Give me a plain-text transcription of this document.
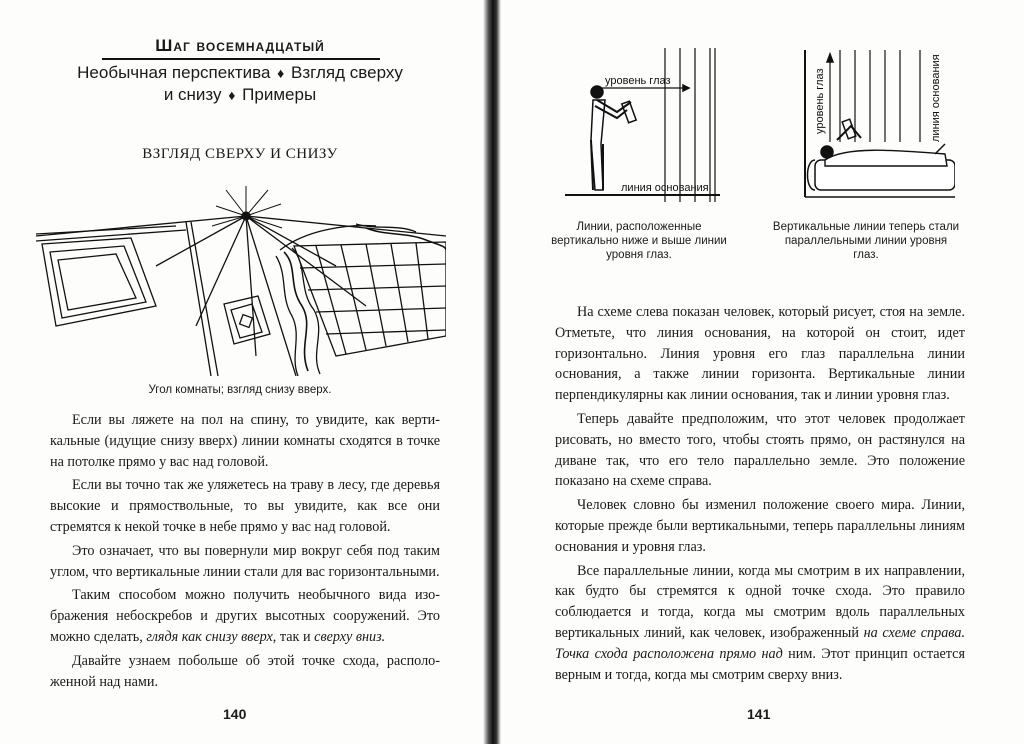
Шаг восемнадцатый
Необычная перспектива ♦ Взгляд сверху
и снизу ♦ Примеры
ВЗГЛЯД СВЕРХУ И СНИЗУ
Угол комнаты; взгляд снизу вверх.

Если вы ляжете на пол на спину, то увидите, как вертикальные (идущие снизу вверх) линии комнаты сходятся в точке на потолке прямо у вас над головой.

Если вы точно так же уляжетесь на траву в лесу, где деревья высокие и прямоствольные, то вы увидите, как все они стремятся к некой точке в небе прямо у вас над головой.

Это означает, что вы повернули мир вокруг себя под таким углом, что вертикальные линии стали для вас горизонтальными.

Таким способом можно получить необычного вида изображения небоскребов и других высотных сооружений. Это можно сделать, глядя как снизу вверх, так и сверху вниз.

Давайте узнаем побольше об этой точке схода, расположенной над нами.

140
уровень глаз
линия основания
уровень глаз	линия основания
Линии, расположенные вертикально ниже и выше линии уровня глаз.
Вертикальные линии теперь стали параллельными линии уровня глаз.

На схеме слева показан человек, который рисует, стоя на земле. Отметьте, что линия основания, на которой он стоит, идет горизонтально. Линия уровня его глаз параллельна линии основания, а также линии горизонта. Вертикальные линии перпендикулярны как линии основания, так и линии уровня глаз.

Теперь давайте предположим, что этот человек продолжает рисовать, но вместо того, чтобы стоять прямо, он растянулся на диване так, что его тело параллельно земле. Это положение показано на схеме справа.

Человек словно бы изменил положение своего мира. Линии, которые прежде были вертикальными, теперь параллельны линиям основания и уровня глаз.

Все параллельные линии, когда мы смотрим в их направлении, как будто бы стремятся к одной точке схода. Это правило соблюдается и тогда, когда мы смотрим вдоль параллельных вертикальных линий, как человек, изображенный на схеме справа. Точка схода расположена прямо над ним. Этот принцип остается верным и тогда, когда мы смотрим сверху вниз.

141
